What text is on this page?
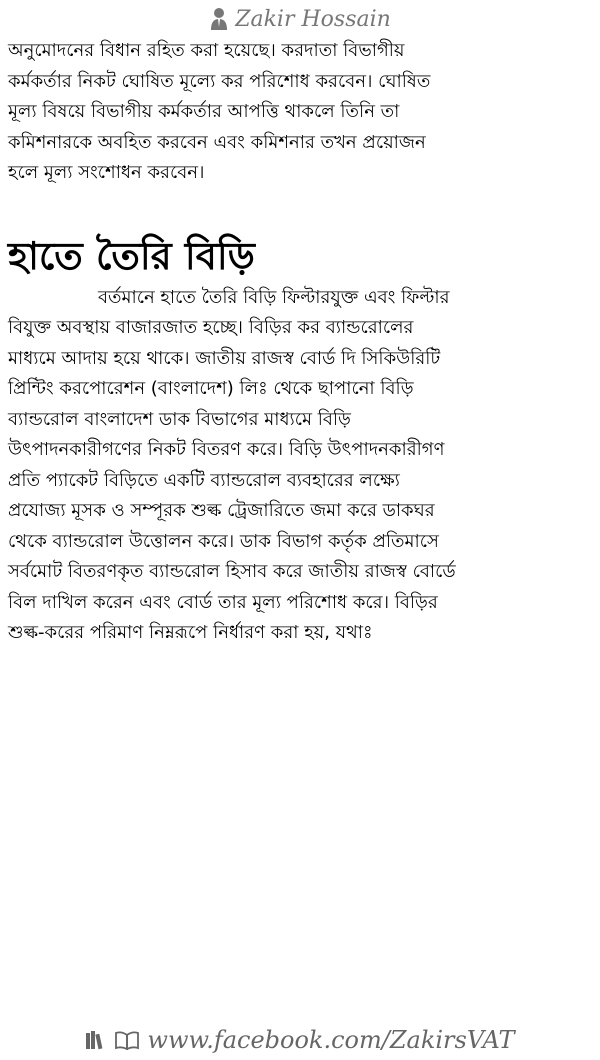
Zakir Hossain

অনুমোদনের বিধান রহিত করা হয়েছে। করদাতা বিভাগীয়
কর্মকর্তার নিকট ঘোষিত মূল্যে কর পরিশোধ করবেন। ঘোষিত
মূল্য বিষয়ে বিভাগীয় কর্মকর্তার আপত্তি থাকলে তিনি তা
কমিশনারকে অবহিত করবেন এবং কমিশনার তখন প্রয়োজন
হলে মূল্য সংশোধন করবেন।

হাতে তৈরি বিড়ি

বর্তমানে হাতে তৈরি বিড়ি ফিল্টারযুক্ত এবং ফিল্টার
বিযুক্ত অবস্থায় বাজারজাত হচ্ছে। বিড়ির কর ব্যান্ডরোলের
মাধ্যমে আদায় হয়ে থাকে। জাতীয় রাজস্ব বোর্ড দি সিকিউরিটি
প্রিন্টিং করপোরেশন (বাংলাদেশ) লিঃ থেকে ছাপানো বিড়ি
ব্যান্ডরোল বাংলাদেশ ডাক বিভাগের মাধ্যমে বিড়ি
উৎপাদনকারীগণের নিকট বিতরণ করে। বিড়ি উৎপাদনকারীগণ
প্রতি প্যাকেট বিড়িতে একটি ব্যান্ডরোল ব্যবহারের লক্ষ্যে
প্রযোজ্য মূসক ও সম্পূরক শুল্ক ট্রেজারিতে জমা করে ডাকঘর
থেকে ব্যান্ডরোল উত্তোলন করে। ডাক বিভাগ কর্তৃক প্রতিমাসে
সর্বমোট বিতরণকৃত ব্যান্ডরোল হিসাব করে জাতীয় রাজস্ব বোর্ডে
বিল দাখিল করেন এবং বোর্ড তার মূল্য পরিশোধ করে। বিড়ির
শুল্ক-করের পরিমাণ নিম্নরূপে নির্ধারণ করা হয়, যথাঃ

www.facebook.com/ZakirsVAT
